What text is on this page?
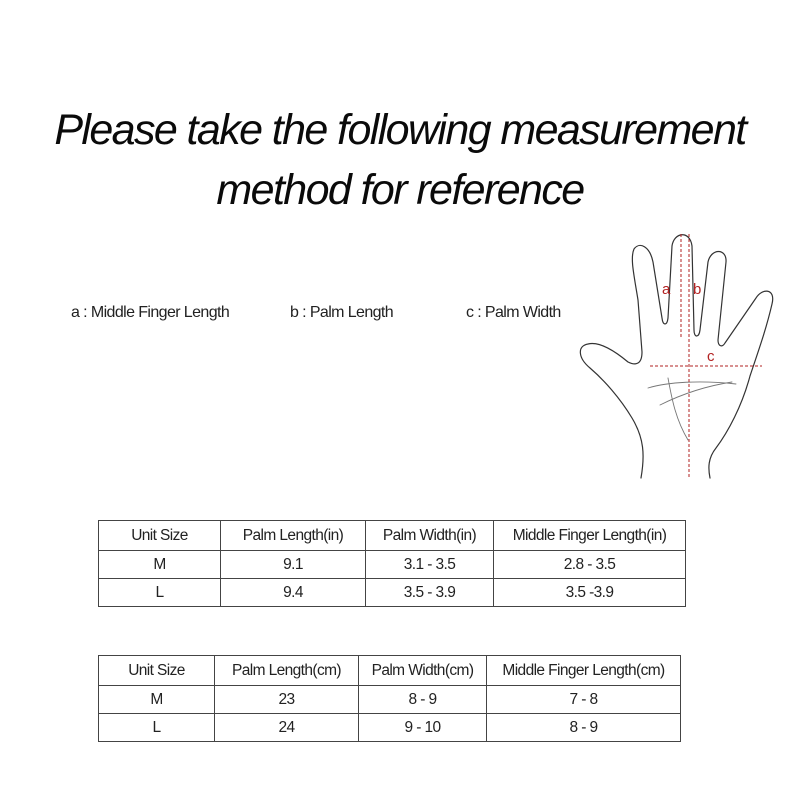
Please take the following measurement
method for reference
a : Middle Finger Length	b : Palm Length	c : Palm Width
a b
c
Unit Size	Palm Length(in)	Palm Width(in)	Middle Finger Length(in)
M	9.1	3.1 - 3.5	2.8 - 3.5
L	9.4	3.5 - 3.9	3.5 -3.9
Unit Size	Palm Length(cm)	Palm Width(cm)	Middle Finger Length(cm)
M	23	8 - 9	7 - 8
L	24	9 - 10	8 - 9
